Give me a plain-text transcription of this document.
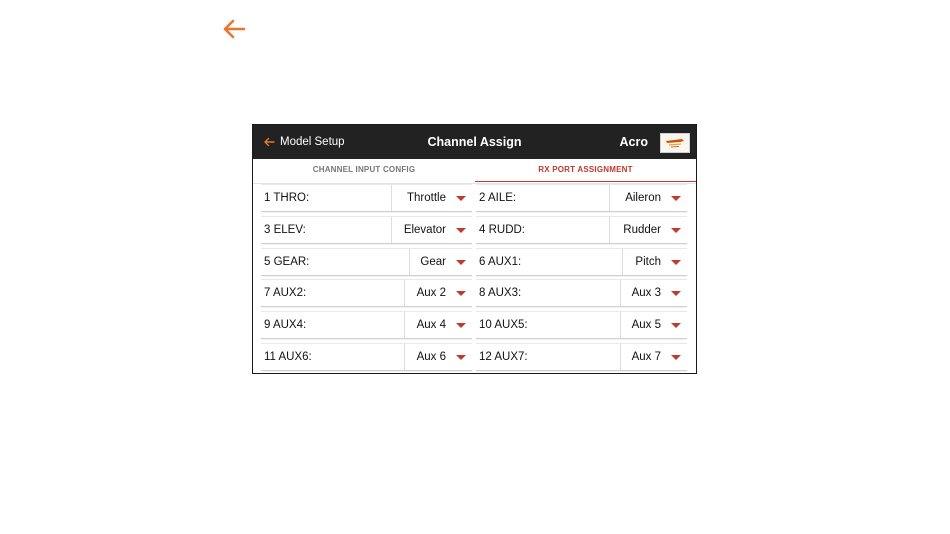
Model Setup	Channel Assign	Acro
CHANNEL INPUT CONFIG	RX PORT ASSIGNMENT
1 THRO:	Throttle	2 AILE:	Aileron
3 ELEV:	Elevator	4 RUDD:	Rudder
5 GEAR:	Gear	6 AUX1:	Pitch
7 AUX2:	Aux 2	8 AUX3:	Aux 3
9 AUX4:	Aux 4	10 AUX5:	Aux 5
11 AUX6:	Aux 6	12 AUX7:	Aux 7
